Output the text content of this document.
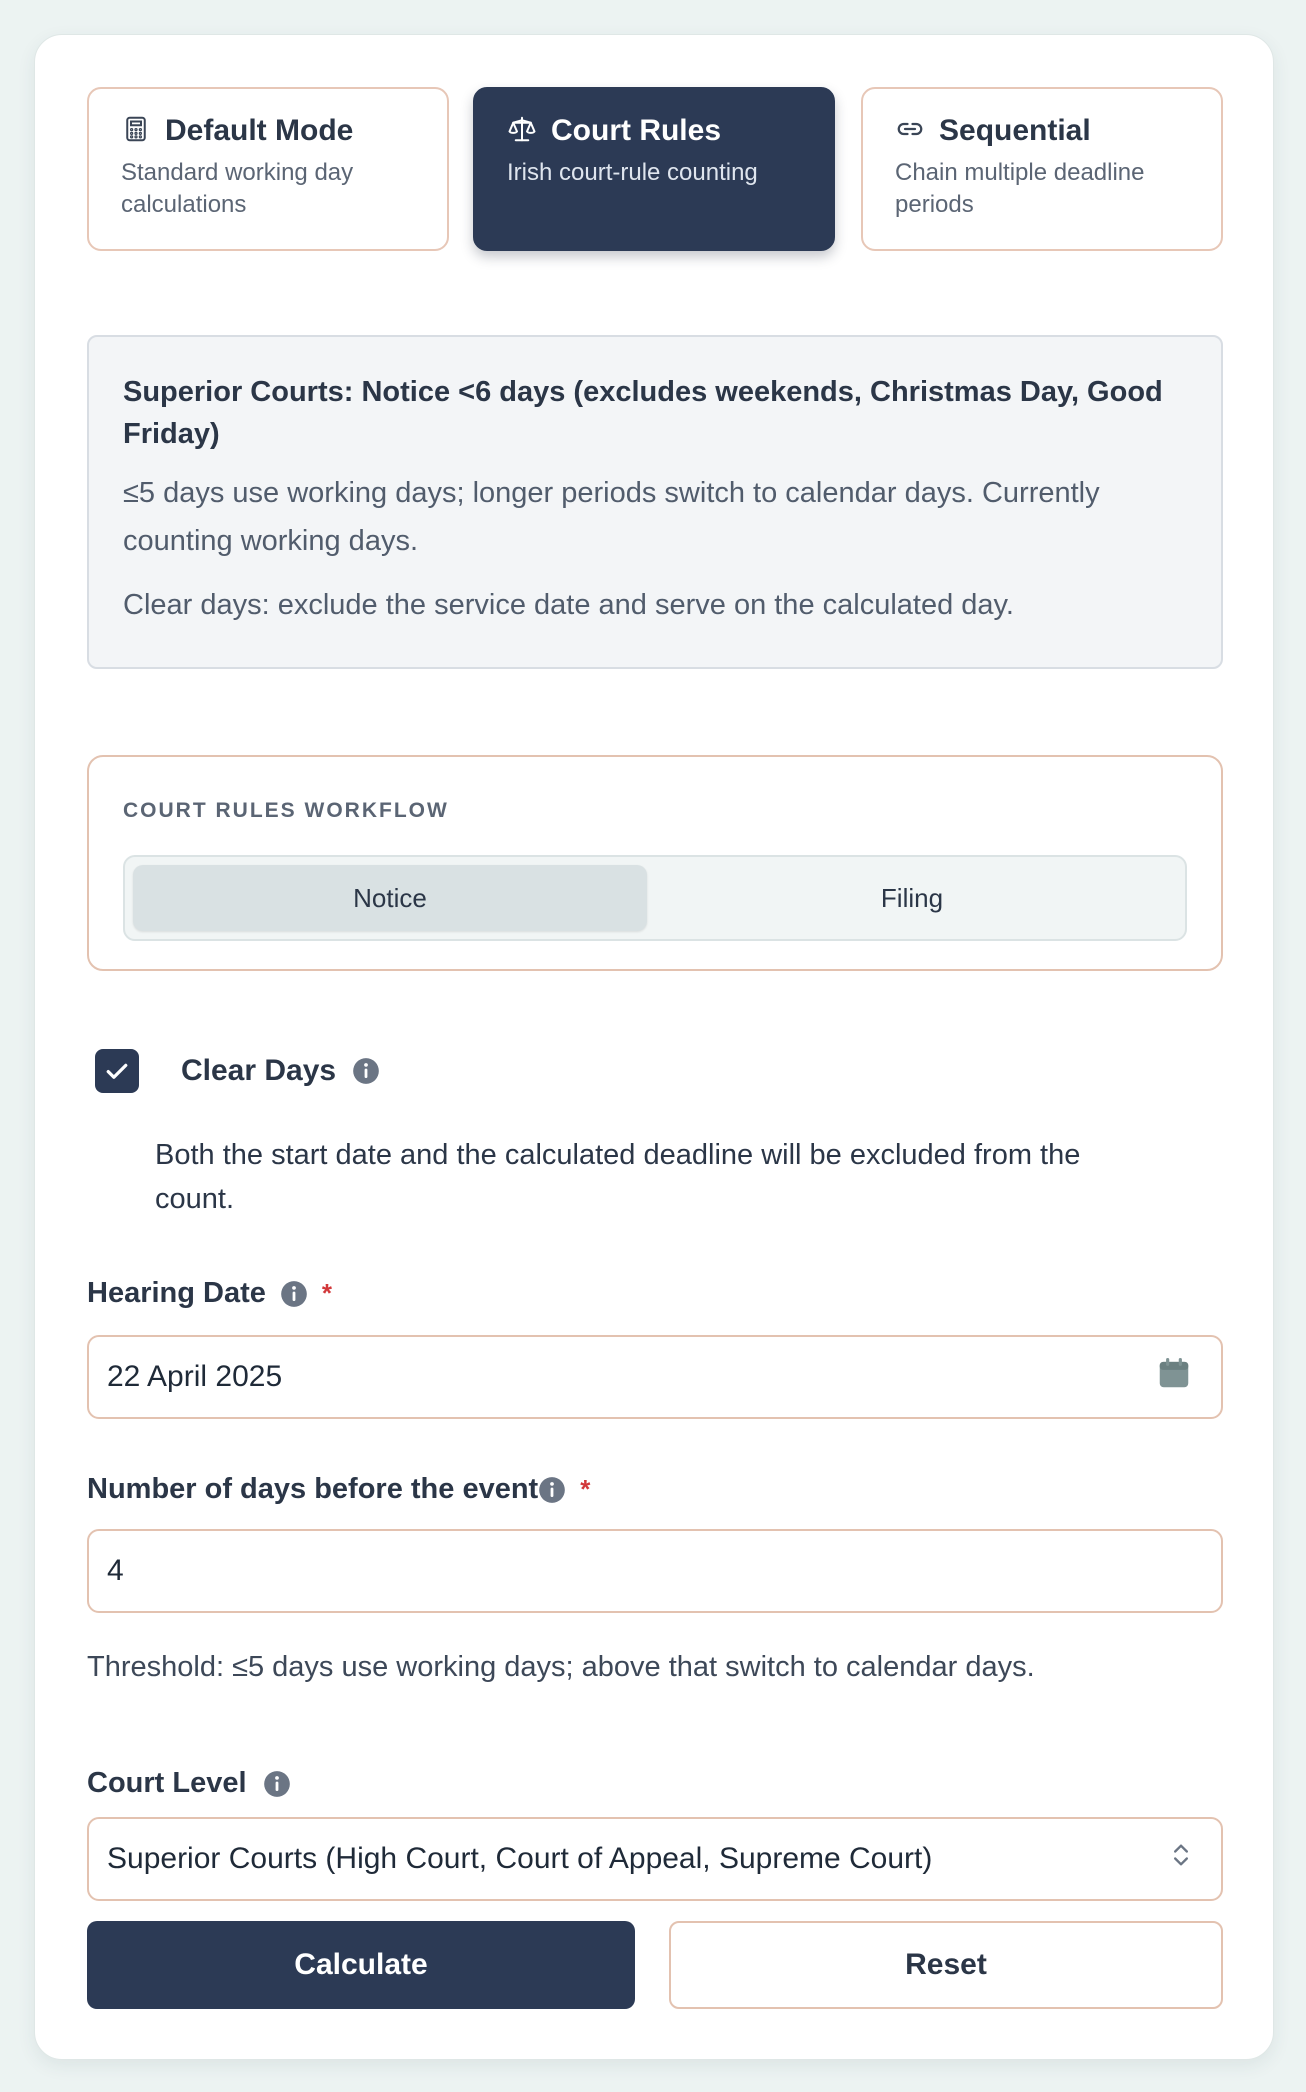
Default Mode
Standard working day
calculations
Court Rules
Irish court-rule counting
Sequential
Chain multiple deadline
periods
Superior Courts: Notice <6 days (excludes weekends, Christmas Day, Good Friday)
≤5 days use working days; longer periods switch to calendar days. Currently counting working days.
Clear days: exclude the service date and serve on the calculated day.
COURT RULES WORKFLOW
Notice	Filing
Clear Days
Both the start date and the calculated deadline will be excluded from the count.
Hearing Date *
22 April 2025
Number of days before the event *
4
Threshold: ≤5 days use working days; above that switch to calendar days.
Court Level
Superior Courts (High Court, Court of Appeal, Supreme Court)
Calculate	Reset
